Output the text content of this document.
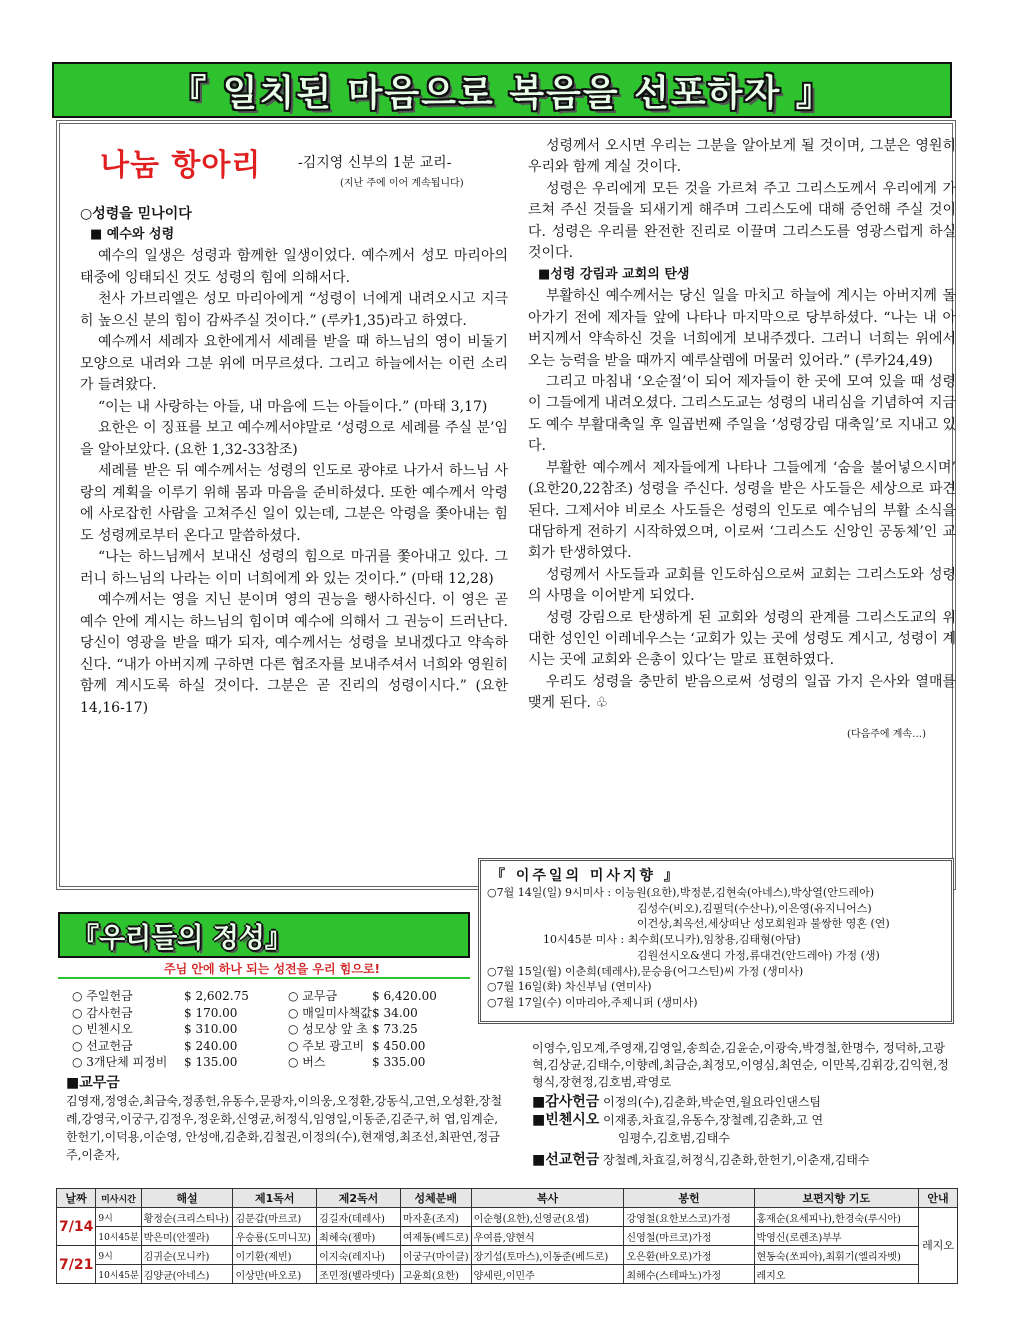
『 일치된 마음으로 복음을 선포하자 』
나눔 항아리	-김지영 신부의 1분 교리-
(지난 주에 이어 계속됩니다)
○성령을 믿나이다
■ 예수와 성령

예수의 일생은 성령과 함께한 일생이었다. 예수께서 성모 마리아의 태중에 잉태되신 것도 성령의 힘에 의해서다.

천사 가브리엘은 성모 마리아에게 “성령이 너에게 내려오시고 지극히 높으신 분의 힘이 감싸주실 것이다.” (루카1,35)라고 하였다.

예수께서 세례자 요한에게서 세례를 받을 때 하느님의 영이 비둘기 모양으로 내려와 그분 위에 머무르셨다. 그리고 하늘에서는 이런 소리가 들려왔다.

“이는 내 사랑하는 아들, 내 마음에 드는 아들이다.” (마태 3,17)

요한은 이 징표를 보고 예수께서야말로 ‘성령으로 세례를 주실 분’임을 알아보았다. (요한 1,32-33참조)

세례를 받은 뒤 예수께서는 성령의 인도로 광야로 나가서 하느님 사랑의 계획을 이루기 위해 몸과 마음을 준비하셨다. 또한 예수께서 악령에 사로잡힌 사람을 고쳐주신 일이 있는데, 그분은 악령을 쫓아내는 힘도 성령께로부터 온다고 말씀하셨다.

“나는 하느님께서 보내신 성령의 힘으로 마귀를 쫓아내고 있다. 그러니 하느님의 나라는 이미 너희에게 와 있는 것이다.” (마태 12,28)

예수께서는 영을 지닌 분이며 영의 권능을 행사하신다. 이 영은 곧 예수 안에 계시는 하느님의 힘이며 예수에 의해서 그 권능이 드러난다. 당신이 영광을 받을 때가 되자, 예수께서는 성령을 보내겠다고 약속하신다. “내가 아버지께 구하면 다른 협조자를 보내주셔서 너희와 영원히 함께 계시도록 하실 것이다. 그분은 곧 진리의 성령이시다.” (요한 14,16-17)

성령께서 오시면 우리는 그분을 알아보게 될 것이며, 그분은 영원히 우리와 함께 계실 것이다.

성령은 우리에게 모든 것을 가르쳐 주고 그리스도께서 우리에게 가르쳐 주신 것들을 되새기게 해주며 그리스도에 대해 증언해 주실 것이다. 성령은 우리를 완전한 진리로 이끌며 그리스도를 영광스럽게 하실 것이다.

■성령 강림과 교회의 탄생

부활하신 예수께서는 당신 일을 마치고 하늘에 계시는 아버지께 돌아가기 전에 제자들 앞에 나타나 마지막으로 당부하셨다. “나는 내 아버지께서 약속하신 것을 너희에게 보내주겠다. 그러니 너희는 위에서 오는 능력을 받을 때까지 예루살렘에 머물러 있어라.” (루카24,49)

그리고 마침내 ‘오순절’이 되어 제자들이 한 곳에 모여 있을 때 성령이 그들에게 내려오셨다. 그리스도교는 성령의 내리심을 기념하여 지금도 예수 부활대축일 후 일곱번째 주일을 ‘성령강림 대축일’로 지내고 있다.

부활한 예수께서 제자들에게 나타나 그들에게 ‘숨을 불어넣으시며’ (요한20,22참조) 성령을 주신다. 성령을 받은 사도들은 세상으로 파견된다. 그제서야 비로소 사도들은 성령의 인도로 예수님의 부활 소식을 대담하게 전하기 시작하였으며, 이로써 ‘그리스도 신앙인 공동체’인 교회가 탄생하였다.

성령께서 사도들과 교회를 인도하심으로써 교회는 그리스도와 성령의 사명을 이어받게 되었다.

성령 강림으로 탄생하게 된 교회와 성령의 관계를 그리스도교의 위대한 성인인 이레네우스는 ‘교회가 있는 곳에 성령도 계시고, 성령이 계시는 곳에 교회와 은총이 있다’는 말로 표현하였다.

우리도 성령을 충만히 받음으로써 성령의 일곱 가지 은사와 열매를 맺게 된다. ♧

(다음주에 계속…)
『 이주일의 미사지향 』
○7월 14일(일) 9시미사 : 이능원(요한),박정분,김현숙(아네스),박상열(안드레아)
김성수(비오),김필덕(수산나),이은영(유지니어스)
이건상,최옥선,세상떠난 성모회원과 불쌍한 영혼 (연)
10시45분 미사 : 최수희(모니카),임창용,김태형(아담)
김원선시오&샌디 가정,류대건(안드레아) 가정 (생)
○7월 15일(월) 이춘희(데레사),문승융(어그스틴)씨 가정 (생미사)
○7월 16일(화) 차신부님 (연미사)
○7월 17일(수) 이마리아,주제니퍼 (생미사)
『우리들의 정성』
주님 안에 하나 되는 성전을 우리 힘으로!
○ 주일헌금	$ 2,602.75	○ 교무금	$ 6,420.00
○ 감사헌금	$ 170.00	○ 매일미사책값 $ 34.00
○ 빈첸시오	$ 310.00	○ 성모상 앞 초 $ 73.25
○ 선교헌금	$ 240.00	○ 주보 광고비 $ 450.00
○ 3개단체 피정비	$ 135.00	○ 버스	$ 335.00
■교무금
김영재,정영순,최금숙,정종헌,유동수,문광자,이의웅,오정환,강동식,고연,오성환,장철례,강영국,이궁구,김정우,정운화,신영균,허정식,임영일,이동준,김준구,허 엽,임계순,한헌기,이덕용,이순영, 안성애,김춘화,김철권,이정의(수),현재영,최조선,최판연,정금주,이춘자,
이영수,임모계,주영재,김영일,송희순,김윤순,이광숙,박경철,한명수, 정덕하,고광혁,김상균,김태수,이향례,최금순,최정모,이영심,최연순, 이만복,김휘강,김익현,정형식,장현정,김호범,곽영로
■감사헌금 이정의(수),김춘화,박순연,월요라인댄스팀
■빈첸시오 이재종,차효길,유동수,장철례,김춘화,고 연
임평수,김호범,김태수
■선교헌금 장철례,차효길,허정식,김춘화,한헌기,이춘재,김태수
날짜	미사시간	해설	제1독서	제2독서	성체분배	복사	봉헌	보편지향 기도	안내
7/14	9시	황정순(크리스티나)	김문갑(마르코)	김길자(데레사)	마자훈(조지)	이순형(요한),신영균(요셉)	강영철(요한보스코)가정	홍재순(요세피나),한경숙(루시아)	레지오
	10시45분	박은미(안젤라)	우승룡(도미니꼬)	최혜숙(젬마)	여제동(베드로)	우여름,양현식	신영철(마르코)가정	박영신(로렌조)부부	
7/21	9시	김귀순(모니카)	이기환(제빈)	이지숙(레지나)	이궁구(마이클)	장기섭(토마스),이동준(베드로)	오은환(바오로)가정	현동숙(쏘피아),최휘기(엘리자벳)	
	10시45분	김양균(아네스)	이상만(바오로)	조민정(벨라뎃다)	고윤희(요한)	양세린,이민주	최해수(스테파노)가정	레지오	
